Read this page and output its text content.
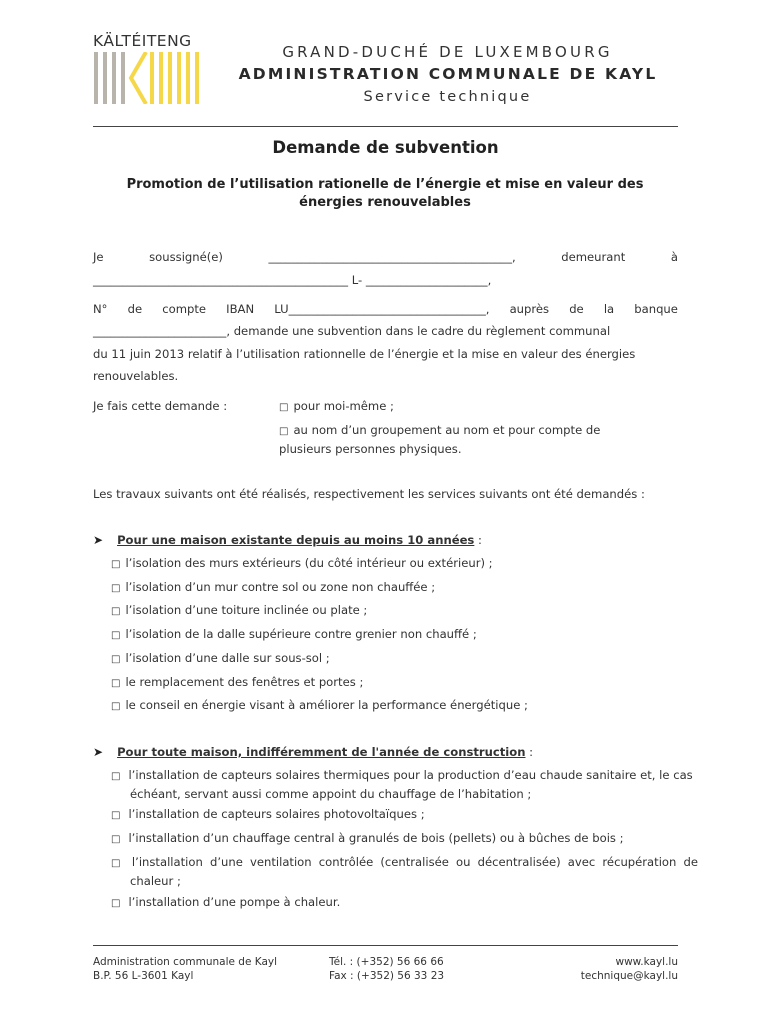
KÄLTÉITENG
GRAND-DUCHÉ DE LUXEMBOURG
ADMINISTRATION COMMUNALE DE KAYL
Service technique
Demande de subvention
Promotion de l’utilisation rationelle de l’énergie et mise en valeur des énergies renouvelables
Je	soussigné(e)	__________________________________________,	demeurant	à
____________________________________________ L- _____________________,
N° de compte IBAN LU__________________________________, auprès de la banque
_______________________, demande une subvention dans le cadre du règlement communal
du 11 juin 2013 relatif à l’utilisation rationnelle de l’énergie et la mise en valeur des énergies
renouvelables.
Je fais cette demande :	□ pour moi-même ;
□ au nom d’un groupement au nom et pour compte de plusieurs personnes physiques.
Les travaux suivants ont été réalisés, respectivement les services suivants ont été demandés :
➤ Pour une maison existante depuis au moins 10 années :
□ l’isolation des murs extérieurs (du côté intérieur ou extérieur) ;
□ l’isolation d’un mur contre sol ou zone non chauffée ;
□ l’isolation d’une toiture inclinée ou plate ;
□ l’isolation de la dalle supérieure contre grenier non chauffé ;
□ l’isolation d’une dalle sur sous-sol ;
□ le remplacement des fenêtres et portes ;
□ le conseil en énergie visant à améliorer la performance énergétique ;
➤ Pour toute maison, indifféremment de l'année de construction :
□ l’installation de capteurs solaires thermiques pour la production d’eau chaude sanitaire et, le cas échéant, servant aussi comme appoint du chauffage de l’habitation ;
□ l’installation de capteurs solaires photovoltaïques ;
□ l’installation d’un chauffage central à granulés de bois (pellets) ou à bûches de bois ;
□ l’installation d’une ventilation contrôlée (centralisée ou décentralisée) avec récupération de chaleur ;
□ l’installation d’une pompe à chaleur.
Administration communale de Kayl
B.P. 56 L-3601 Kayl
Tél. : (+352) 56 66 66
Fax : (+352) 56 33 23
www.kayl.lu
technique@kayl.lu
